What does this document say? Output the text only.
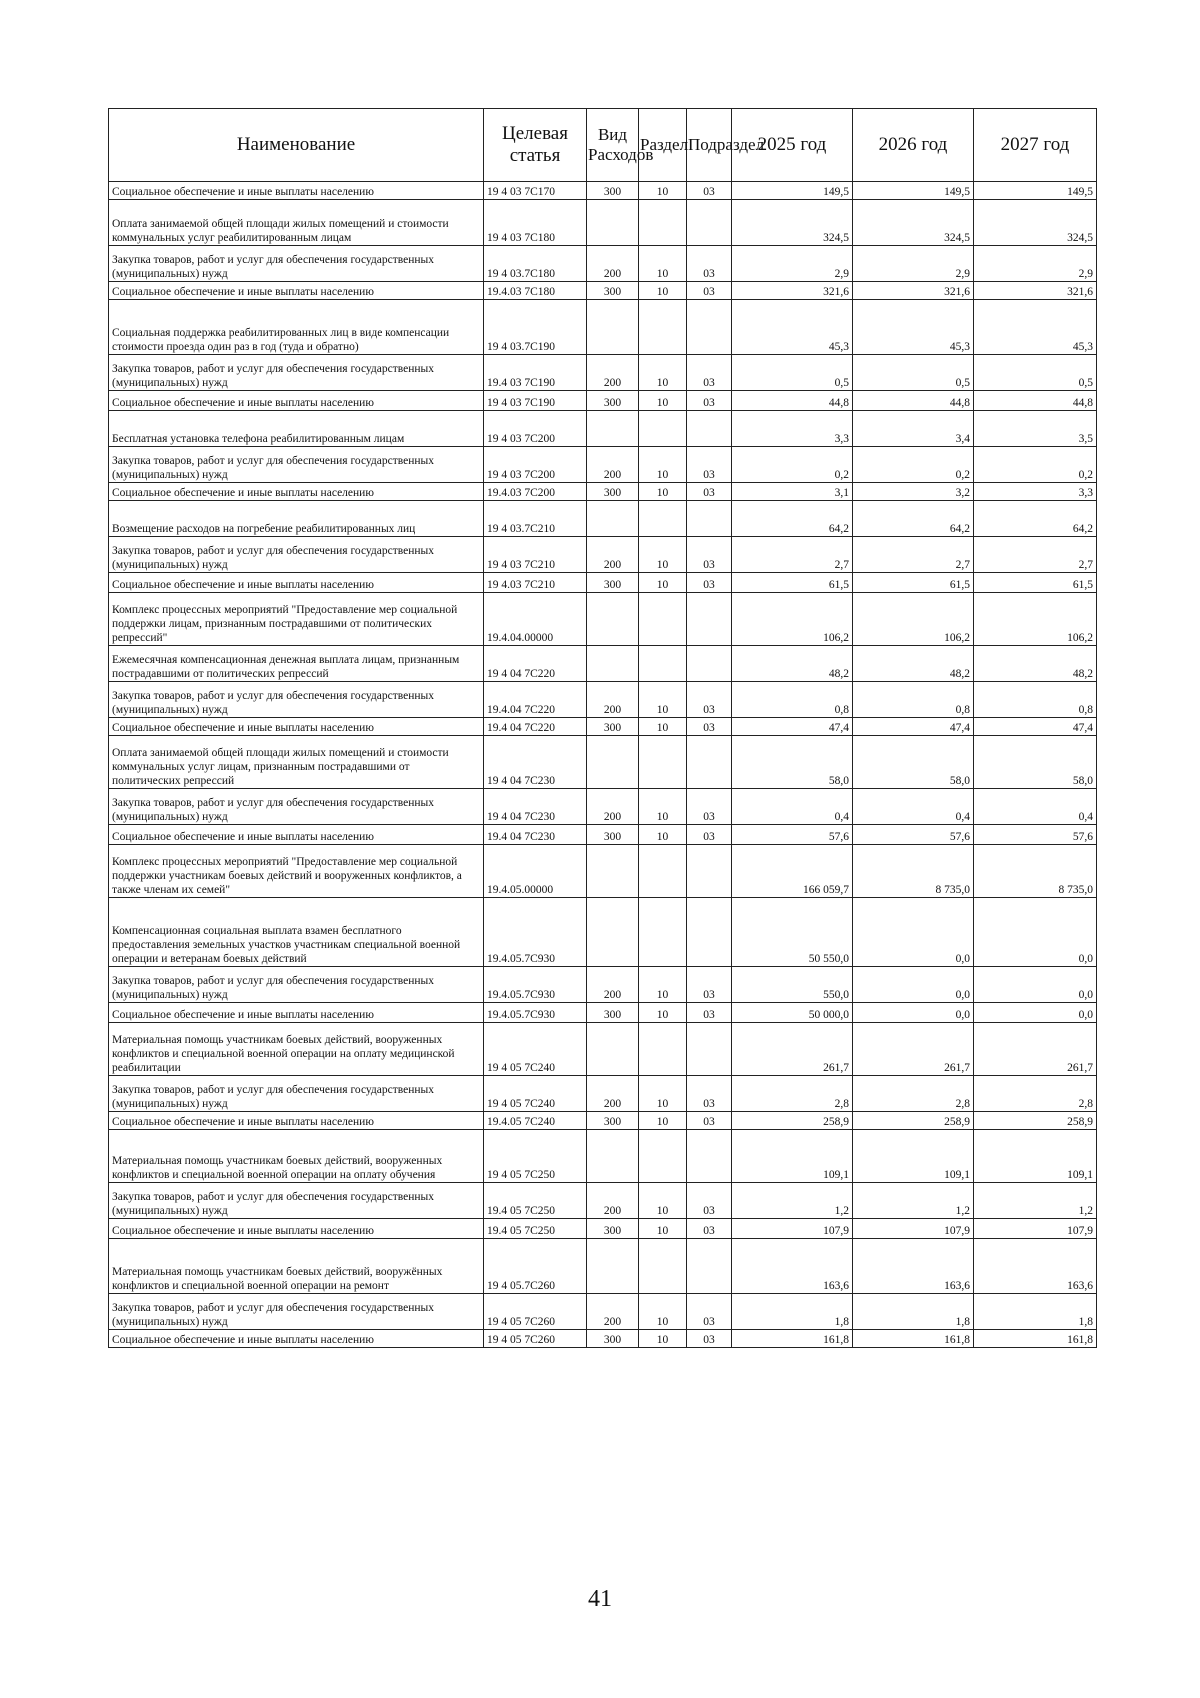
Наименование	Целевая статья	Вид Расходов	Раздел	Подраздел	2025 год	2026 год	2027 год
Социальное обеспечение и иные выплаты населению	19 4 03 7С170	300	10	03	149,5	149,5	149,5
Оплата занимаемой общей площади жилых помещений и стоимости коммунальных услуг реабилитированным лицам	19 4 03 7С180				324,5	324,5	324,5
Закупка товаров, работ и услуг для обеспечения государственных (муниципальных) нужд	19 4 03.7С180	200	10	03	2,9	2,9	2,9
Социальное обеспечение и иные выплаты населению	19.4.03 7С180	300	10	03	321,6	321,6	321,6
Социальная поддержка реабилитированных лиц в виде компенсации стоимости проезда один раз в год (туда и обратно)	19 4 03.7С190				45,3	45,3	45,3
Закупка товаров, работ и услуг для обеспечения государственных (муниципальных) нужд	19.4 03 7С190	200	10	03	0,5	0,5	0,5
Социальное обеспечение и иные выплаты населению	19 4 03 7С190	300	10	03	44,8	44,8	44,8
Бесплатная установка телефона реабилитированным лицам	19 4 03 7С200				3,3	3,4	3,5
Закупка товаров, работ и услуг для обеспечения государственных (муниципальных) нужд	19 4 03 7С200	200	10	03	0,2	0,2	0,2
Социальное обеспечение и иные выплаты населению	19.4.03 7С200	300	10	03	3,1	3,2	3,3
Возмещение расходов на погребение реабилитированных лиц	19 4 03.7С210				64,2	64,2	64,2
Закупка товаров, работ и услуг для обеспечения государственных (муниципальных) нужд	19 4 03 7С210	200	10	03	2,7	2,7	2,7
Социальное обеспечение и иные выплаты населению	19 4.03 7С210	300	10	03	61,5	61,5	61,5
Комплекс процессных мероприятий "Предоставление мер социальной поддержки лицам, признанным пострадавшими от политических репрессий"	19.4.04.00000				106,2	106,2	106,2
Ежемесячная компенсационная денежная выплата лицам, признанным пострадавшими от политических репрессий	19 4 04 7С220				48,2	48,2	48,2
Закупка товаров, работ и услуг для обеспечения государственных (муниципальных) нужд	19.4.04 7С220	200	10	03	0,8	0,8	0,8
Социальное обеспечение и иные выплаты населению	19.4 04 7С220	300	10	03	47,4	47,4	47,4
Оплата занимаемой общей площади жилых помещений и стоимости коммунальных услуг лицам, признанным пострадавшими от политических репрессий	19 4 04 7С230				58,0	58,0	58,0
Закупка товаров, работ и услуг для обеспечения государственных (муниципальных) нужд	19 4 04 7С230	200	10	03	0,4	0,4	0,4
Социальное обеспечение и иные выплаты населению	19.4 04 7С230	300	10	03	57,6	57,6	57,6
Комплекс процессных мероприятий "Предоставление мер социальной поддержки участникам боевых действий и вооруженных конфликтов, а также членам их семей"	19.4.05.00000				166 059,7	8 735,0	8 735,0
Компенсационная социальная выплата взамен бесплатного предоставления земельных участков участникам специальной военной операции и ветеранам боевых действий	19.4.05.7С930				50 550,0	0,0	0,0
Закупка товаров, работ и услуг для обеспечения государственных (муниципальных) нужд	19.4.05.7С930	200	10	03	550,0	0,0	0,0
Социальное обеспечение и иные выплаты населению	19.4.05.7С930	300	10	03	50 000,0	0,0	0,0
Материальная помощь участникам боевых действий, вооруженных конфликтов и специальной военной операции на оплату медицинской реабилитации	19 4 05 7С240				261,7	261,7	261,7
Закупка товаров, работ и услуг для обеспечения государственных (муниципальных) нужд	19 4 05 7С240	200	10	03	2,8	2,8	2,8
Социальное обеспечение и иные выплаты населению	19.4.05 7С240	300	10	03	258,9	258,9	258,9
Материальная помощь участникам боевых действий, вооруженных конфликтов и специальной военной операции на оплату обучения	19 4 05 7С250				109,1	109,1	109,1
Закупка товаров, работ и услуг для обеспечения государственных (муниципальных) нужд	19.4 05 7С250	200	10	03	1,2	1,2	1,2
Социальное обеспечение и иные выплаты населению	19.4 05 7С250	300	10	03	107,9	107,9	107,9
Материальная помощь участникам боевых действий, вооружённых конфликтов и специальной военной операции на ремонт	19 4 05.7С260				163,6	163,6	163,6
Закупка товаров, работ и услуг для обеспечения государственных (муниципальных) нужд	19 4 05 7С260	200	10	03	1,8	1,8	1,8
Социальное обеспечение и иные выплаты населению	19 4 05 7С260	300	10	03	161,8	161,8	161,8
41
